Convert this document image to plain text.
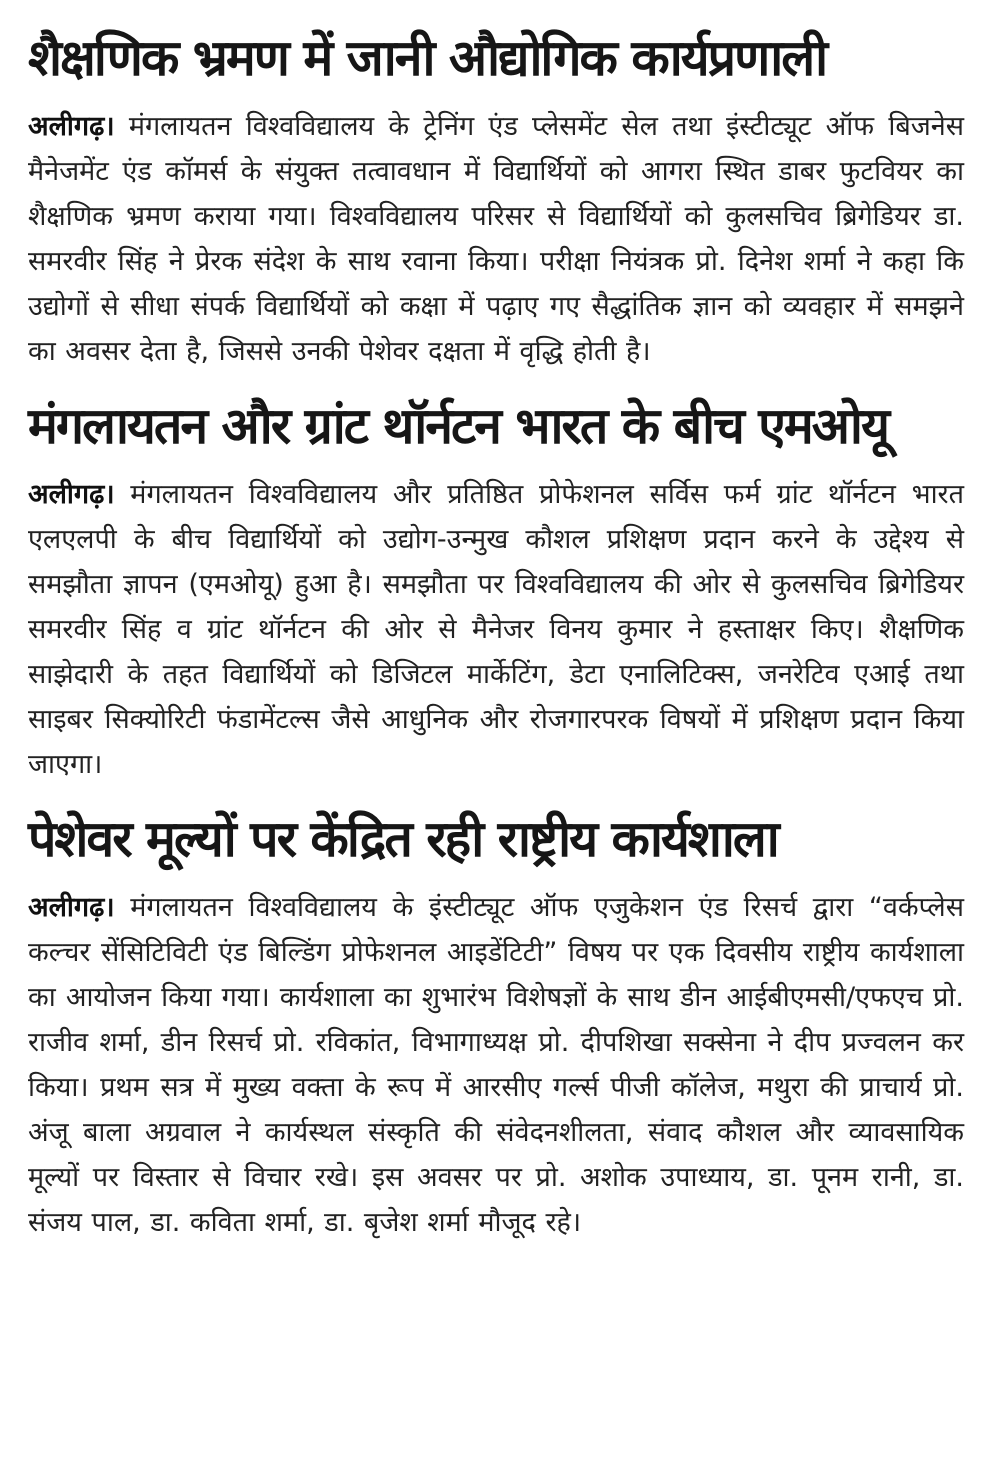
शैक्षणिक भ्रमण में जानी औद्योगिक कार्यप्रणाली

अलीगढ़। मंगलायतन विश्वविद्यालय के ट्रेनिंग एंड प्लेसमेंट सेल तथा इंस्टीट्यूट ऑफ बिजनेस मैनेजमेंट एंड कॉमर्स के संयुक्त तत्वावधान में विद्यार्थियों को आगरा स्थित डाबर फुटवियर का शैक्षणिक भ्रमण कराया गया। विश्वविद्यालय परिसर से विद्यार्थियों को कुलसचिव ब्रिगेडियर डा. समरवीर सिंह ने प्रेरक संदेश के साथ रवाना किया। परीक्षा नियंत्रक प्रो. दिनेश शर्मा ने कहा कि उद्योगों से सीधा संपर्क विद्यार्थियों को कक्षा में पढ़ाए गए सैद्धांतिक ज्ञान को व्यवहार में समझने का अवसर देता है, जिससे उनकी पेशेवर दक्षता में वृद्धि होती है।

मंगलायतन और ग्रांट थॉर्नटन भारत के बीच एमओयू

अलीगढ़। मंगलायतन विश्वविद्यालय और प्रतिष्ठित प्रोफेशनल सर्विस फर्म ग्रांट थॉर्नटन भारत एलएलपी के बीच विद्यार्थियों को उद्योग-उन्मुख कौशल प्रशिक्षण प्रदान करने के उद्देश्य से समझौता ज्ञापन (एमओयू) हुआ है। समझौता पर विश्वविद्यालय की ओर से कुलसचिव ब्रिगेडियर समरवीर सिंह व ग्रांट थॉर्नटन की ओर से मैनेजर विनय कुमार ने हस्ताक्षर किए। शैक्षणिक साझेदारी के तहत विद्यार्थियों को डिजिटल मार्केटिंग, डेटा एनालिटिक्स, जनरेटिव एआई तथा साइबर सिक्योरिटी फंडामेंटल्स जैसे आधुनिक और रोजगारपरक विषयों में प्रशिक्षण प्रदान किया जाएगा।

पेशेवर मूल्यों पर केंद्रित रही राष्ट्रीय कार्यशाला

अलीगढ़। मंगलायतन विश्वविद्यालय के इंस्टीट्यूट ऑफ एजुकेशन एंड रिसर्च द्वारा “वर्कप्लेस कल्चर सेंसिटिविटी एंड बिल्डिंग प्रोफेशनल आइडेंटिटी” विषय पर एक दिवसीय राष्ट्रीय कार्यशाला का आयोजन किया गया। कार्यशाला का शुभारंभ विशेषज्ञों के साथ डीन आईबीएमसी/एफएच प्रो. राजीव शर्मा, डीन रिसर्च प्रो. रविकांत, विभागाध्यक्ष प्रो. दीपशिखा सक्सेना ने दीप प्रज्वलन कर किया। प्रथम सत्र में मुख्य वक्ता के रूप में आरसीए गर्ल्स पीजी कॉलेज, मथुरा की प्राचार्य प्रो. अंजू बाला अग्रवाल ने कार्यस्थल संस्कृति की संवेदनशीलता, संवाद कौशल और व्यावसायिक मूल्यों पर विस्तार से विचार रखे। इस अवसर पर प्रो. अशोक उपाध्याय, डा. पूनम रानी, डा. संजय पाल, डा. कविता शर्मा, डा. बृजेश शर्मा मौजूद रहे।
